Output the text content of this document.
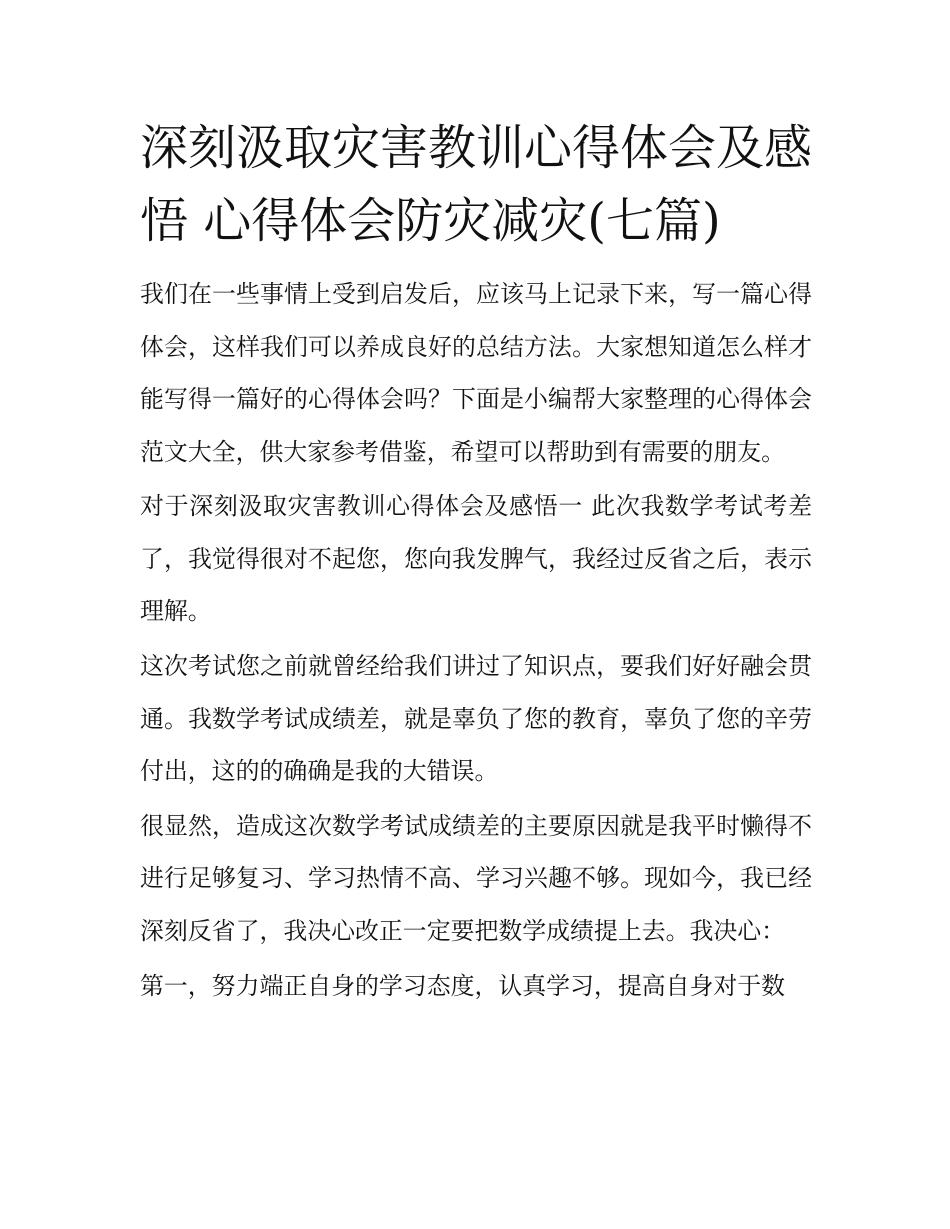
深刻汲取灾害教训心得体会及感悟 心得体会防灾减灾(七篇)

我们在一些事情上受到启发后，应该马上记录下来，写一篇心得体会，这样我们可以养成良好的总结方法。大家想知道怎么样才能写得一篇好的心得体会吗？下面是小编帮大家整理的心得体会范文大全，供大家参考借鉴，希望可以帮助到有需要的朋友。

对于深刻汲取灾害教训心得体会及感悟一 此次我数学考试考差了，我觉得很对不起您，您向我发脾气，我经过反省之后，表示理解。

这次考试您之前就曾经给我们讲过了知识点，要我们好好融会贯通。我数学考试成绩差，就是辜负了您的教育，辜负了您的辛劳付出，这的的确确是我的大错误。

很显然，造成这次数学考试成绩差的主要原因就是我平时懒得不进行足够复习、学习热情不高、学习兴趣不够。现如今，我已经深刻反省了，我决心改正一定要把数学成绩提上去。我决心：

第一，努力端正自身的学习态度，认真学习，提高自身对于数
